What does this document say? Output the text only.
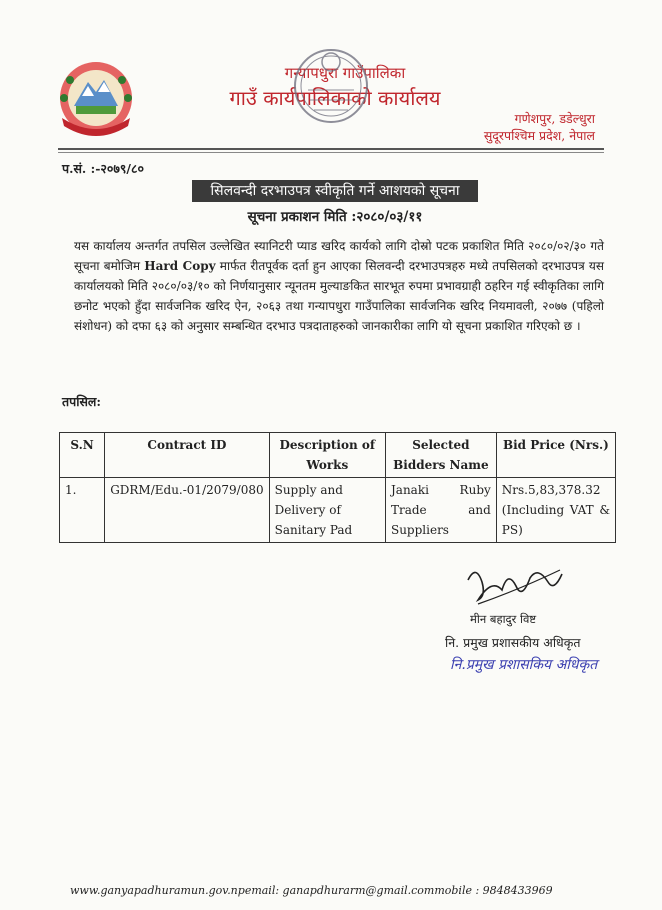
गन्यापधुरा गाउँपालिका
गाउँ कार्यपालिकाको कार्यालय
गणेशपुर, डडेल्धुरा
सुदूरपश्चिम प्रदेश, नेपाल
प.सं. :-२०७९/८०
सिलवन्दी दरभाउपत्र स्वीकृति गर्ने आशयको सूचना
सूचना प्रकाशन मिति :२०८०/०३/११
यस कार्यालय अन्तर्गत तपसिल उल्लेखित स्यानिटरी प्याड खरिद कार्यको लागि दोस्रो पटक प्रकाशित मिति २०८०/०२/३० गते सूचना बमोजिम Hard Copy मार्फत रीतपूर्वक दर्ता हुन आएका सिलवन्दी दरभाउपत्रहरु मध्ये तपसिलको दरभाउपत्र यस कार्यालयको मिति २०८०/०३/१० को निर्णयानुसार न्यूनतम मुल्याङकित सारभूत रुपमा प्रभावग्राही ठहरिन गई स्वीकृतिका लागि छनोट भएको हुँदा सार्वजनिक खरिद ऐन, २०६३ तथा गन्यापधुरा गाउँपालिका सार्वजनिक खरिद नियमावली, २०७७ (पहिलो संशोधन) को दफा ६३ को अनुसार सम्बन्धित दरभाउ पत्रदाताहरुको जानकारीका लागि यो सूचना प्रकाशित गरिएको छ ।
तपसिल:
S.N	Contract ID	Description of Works	Selected Bidders Name	Bid Price (Nrs.)
1.	GDRM/Edu.-01/2079/080	Supply and Delivery of Sanitary Pad	Janaki Ruby Trade and Suppliers	Nrs.5,83,378.32 (Including VAT & PS)
मीन बहादुर विष्ट
नि. प्रमुख प्रशासकीय अधिकृत
नि.प्रमुख प्रशासकिय अधिकृत
www.ganyapadhuramun.gov.npemail: ganapdhurarm@gmail.commobile : 9848433969
